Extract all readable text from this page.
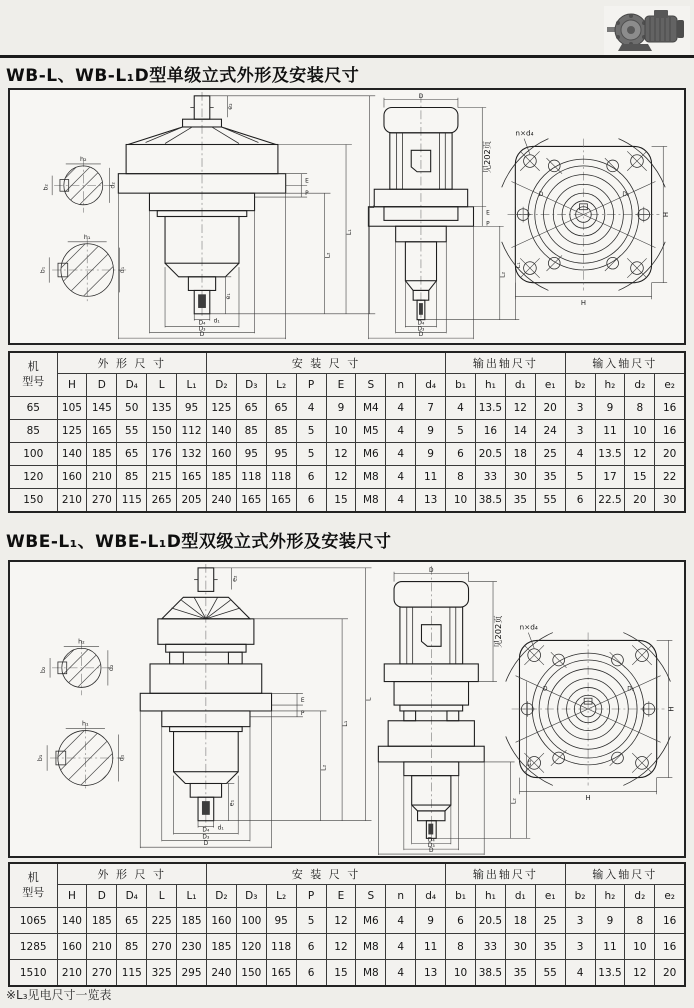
WB-L、WB-L₁D型单级立式外形及安装尺寸
h₂
b₂	d₂
h₁
b₁	d₁
e₂
E
P
L₂
L₁
L
e₁
d₁
D₄
D₃
D
D
见202页
E
P
L₂
L₁
D₄
D₃
D
D	D₂
n×d₄
H
H
机
型号	外 形 尺 寸					安 装 尺 寸								输出轴尺寸				输入轴尺寸			
	H	D	D₄	L	L₁	D₂	D₃	L₂	P	E	S	n	d₄	b₁	h₁	d₁	e₁	b₂	h₂	d₂	e₂
65	105	145	50	135	95	125	65	65	4	9	M4	4	7	4	13.5	12	20	3	9	8	16
85	125	165	55	150	112	140	85	85	5	10	M5	4	9	5	16	14	24	3	11	10	16
100	140	185	65	176	132	160	95	95	5	12	M6	4	9	6	20.5	18	25	4	13.5	12	20
120	160	210	85	215	165	185	118	118	6	12	M8	4	11	8	33	30	35	5	17	15	22
150	210	270	115	265	205	240	165	165	6	15	M8	4	13	10	38.5	35	55	6	22.5	20	30
WBE-L₁、WBE-L₁D型双级立式外形及安装尺寸
h₂
b₂	d₂
h₁
b₁	d₁
e₂
E
P
L₂
L₁
L
e₁
d₁
D₄
D₃
D
D
见202页
L₂
L₁
D₄
D₃
D
D	D₂
n×d₄
H
H
机
型号	外 形 尺 寸					安 装 尺 寸								输出轴尺寸				输入轴尺寸			
	H	D	D₄	L	L₁	D₂	D₃	L₂	P	E	S	n	d₄	b₁	h₁	d₁	e₁	b₂	h₂	d₂	e₂
1065	140	185	65	225	185	160	100	95	5	12	M6	4	9	6	20.5	18	25	3	9	8	16
1285	160	210	85	270	230	185	120	118	6	12	M8	4	11	8	33	30	35	3	11	10	16
1510	210	270	115	325	295	240	150	165	6	15	M8	4	13	10	38.5	35	55	4	13.5	12	20
※L₃见电尺寸一览表
